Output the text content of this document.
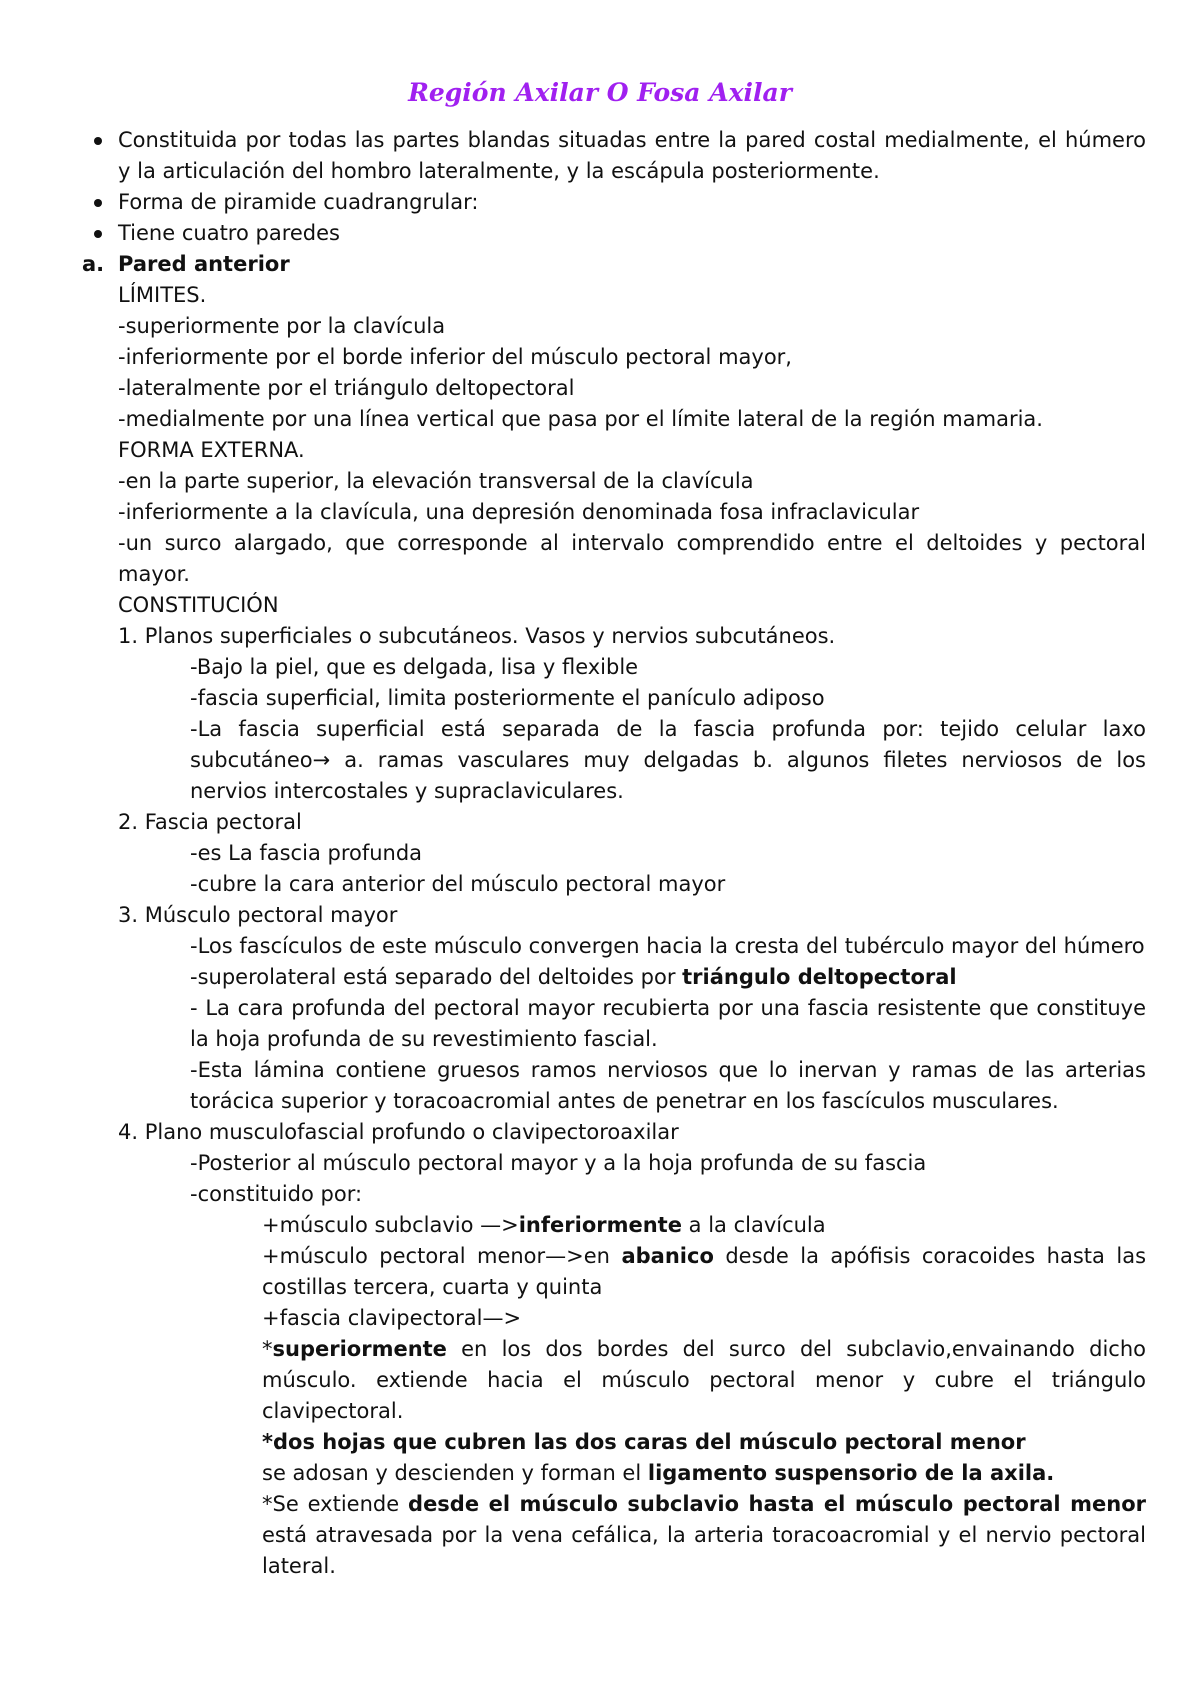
Región Axilar O Fosa Axilar

Constituida por todas las partes blandas situadas entre la pared costal medialmente, el húmero y la articulación del hombro lateralmente, y la escápula posteriormente.

Forma de piramide cuadrangrular:

Tiene cuatro paredes

a. Pared anterior

LÍMITES.

-superiormente por la clavícula

-inferiormente por el borde inferior del músculo pectoral mayor,

-lateralmente por el triángulo deltopectoral

-medialmente por una línea vertical que pasa por el límite lateral de la región mamaria.

FORMA EXTERNA.

-en la parte superior, la elevación transversal de la clavícula

-inferiormente a la clavícula, una depresión denominada fosa infraclavicular

-un surco alargado, que corresponde al intervalo comprendido entre el deltoides y pectoral mayor.

CONSTITUCIÓN

1. Planos superficiales o subcutáneos. Vasos y nervios subcutáneos.

-Bajo la piel, que es delgada, lisa y flexible

-fascia superficial, limita posteriormente el panículo adiposo

-La fascia superficial está separada de la fascia profunda por: tejido celular laxo subcutáneo→ a. ramas vasculares muy delgadas b. algunos filetes nerviosos de los nervios intercostales y supraclaviculares.

2. Fascia pectoral

-es La fascia profunda

-cubre la cara anterior del músculo pectoral mayor

3. Músculo pectoral mayor

-Los fascículos de este músculo convergen hacia la cresta del tubérculo mayor del húmero

-superolateral está separado del deltoides por triángulo deltopectoral

- La cara profunda del pectoral mayor recubierta por una fascia resistente que constituye la hoja profunda de su revestimiento fascial.

-Esta lámina contiene gruesos ramos nerviosos que lo inervan y ramas de las arterias torácica superior y toracoacromial antes de penetrar en los fascículos musculares.

4. Plano musculofascial profundo o clavipectoroaxilar

-Posterior al músculo pectoral mayor y a la hoja profunda de su fascia

-constituido por:

+músculo subclavio —>inferiormente a la clavícula

+músculo pectoral menor—>en abanico desde la apófisis coracoides hasta las costillas tercera, cuarta y quinta

+fascia clavipectoral—>

*superiormente en los dos bordes del surco del subclavio,envainando dicho músculo. extiende hacia el músculo pectoral menor y cubre el triángulo clavipectoral.

*dos hojas que cubren las dos caras del músculo pectoral menor

se adosan y descienden y forman el ligamento suspensorio de la axila.

*Se extiende desde el músculo subclavio hasta el músculo pectoral menor está atravesada por la vena cefálica, la arteria toracoacromial y el nervio pectoral lateral.
